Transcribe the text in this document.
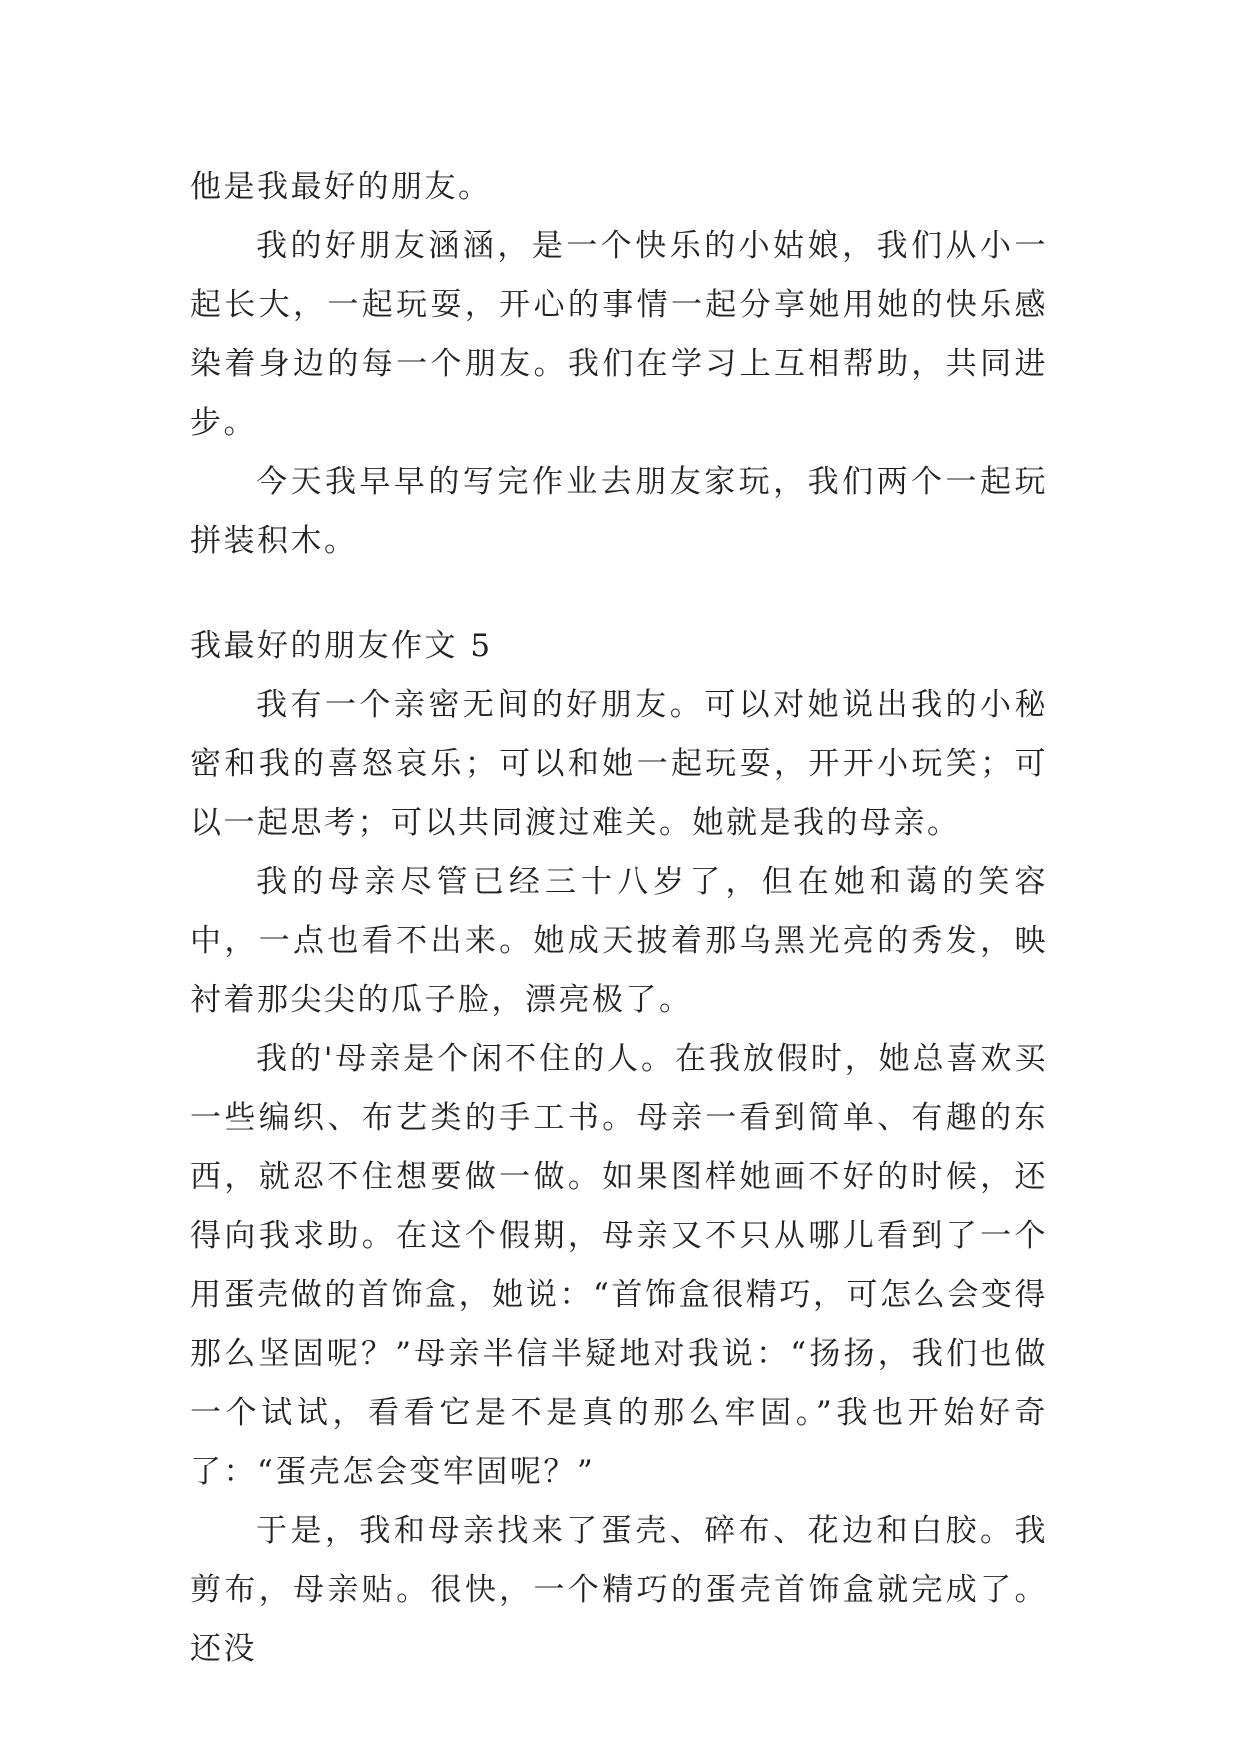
他是我最好的朋友。

我的好朋友涵涵，是一个快乐的小姑娘，我们从小一起长大，一起玩耍，开心的事情一起分享她用她的快乐感染着身边的每一个朋友。我们在学习上互相帮助，共同进步。

今天我早早的写完作业去朋友家玩，我们两个一起玩拼装积木。

我最好的朋友作文 5

我有一个亲密无间的好朋友。可以对她说出我的小秘密和我的喜怒哀乐；可以和她一起玩耍，开开小玩笑；可以一起思考；可以共同渡过难关。她就是我的母亲。

我的母亲尽管已经三十八岁了，但在她和蔼的笑容中，一点也看不出来。她成天披着那乌黑光亮的秀发，映衬着那尖尖的瓜子脸，漂亮极了。

我的'母亲是个闲不住的人。在我放假时，她总喜欢买一些编织、布艺类的手工书。母亲一看到简单、有趣的东西，就忍不住想要做一做。如果图样她画不好的时候，还得向我求助。在这个假期，母亲又不只从哪儿看到了一个用蛋壳做的首饰盒，她说：“首饰盒很精巧，可怎么会变得那么坚固呢？”母亲半信半疑地对我说：“扬扬，我们也做一个试试，看看它是不是真的那么牢固。”我也开始好奇了：“蛋壳怎会变牢固呢？”

于是，我和母亲找来了蛋壳、碎布、花边和白胶。我剪布，母亲贴。很快，一个精巧的蛋壳首饰盒就完成了。还没
